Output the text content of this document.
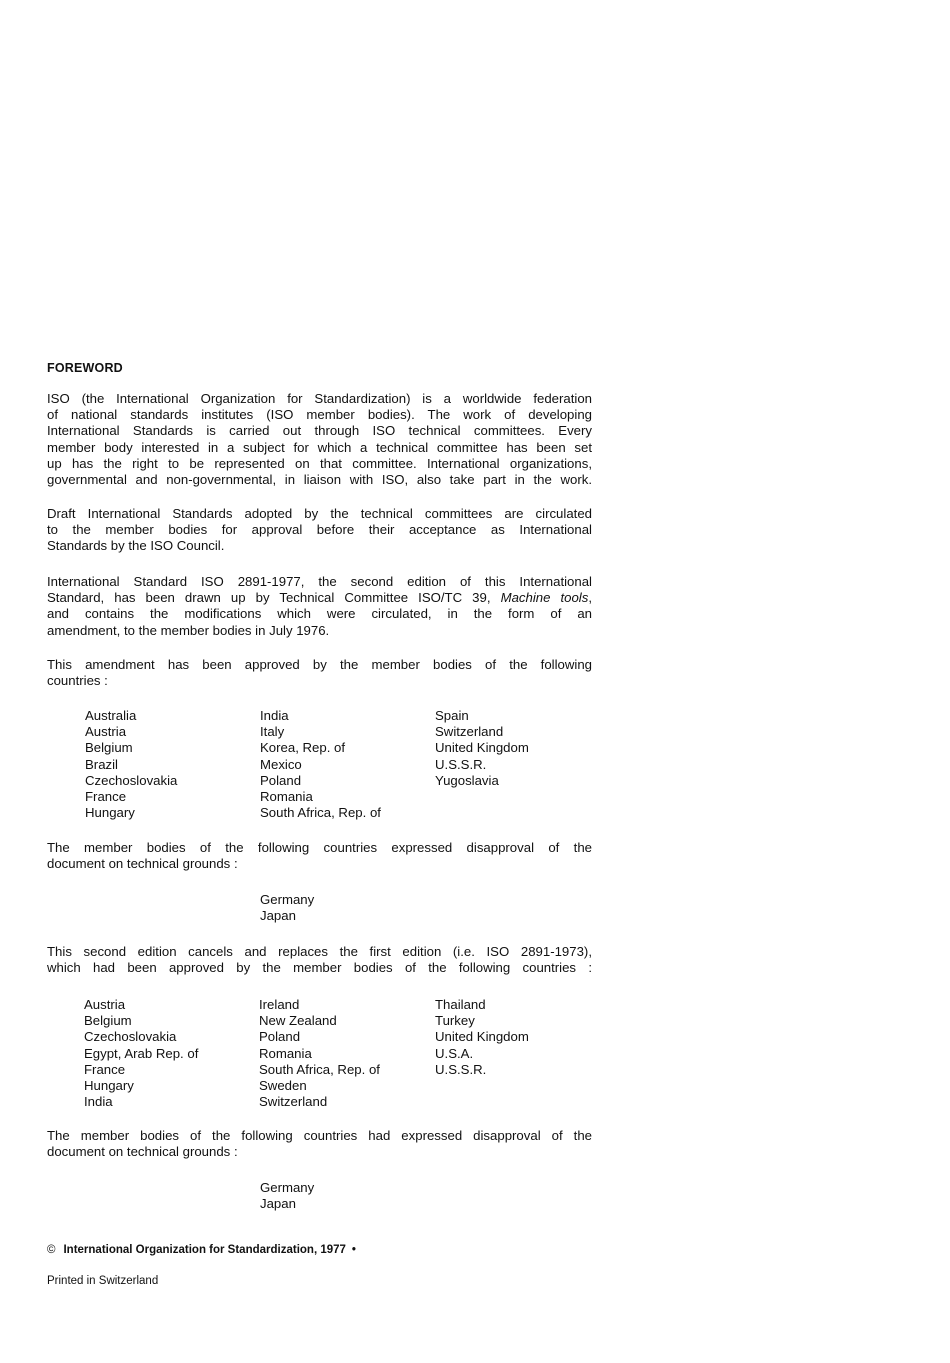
FOREWORD

ISO (the International Organization for Standardization) is a worldwide federation
of national standards institutes (ISO member bodies). The work of developing
International Standards is carried out through ISO technical committees. Every
member body interested in a subject for which a technical committee has been set
up has the right to be represented on that committee. International organizations,
governmental and non-governmental, in liaison with ISO, also take part in the work.

Draft International Standards adopted by the technical committees are circulated
to the member bodies for approval before their acceptance as International
Standards by the ISO Council.

International Standard ISO 2891-1977, the second edition of this International
Standard, has been drawn up by Technical Committee ISO/TC 39, Machine tools,
and contains the modifications which were circulated, in the form of an
amendment, to the member bodies in July 1976.

This amendment has been approved by the member bodies of the following
countries :

Australia
Austria
Belgium
Brazil
Czechoslovakia
France
Hungary
India
Italy
Korea, Rep. of
Mexico
Poland
Romania
South Africa, Rep. of
Spain
Switzerland
United Kingdom
U.S.S.R.
Yugoslavia

The member bodies of the following countries expressed disapproval of the
document on technical grounds :

Germany
Japan

This second edition cancels and replaces the first edition (i.e. ISO 2891-1973),
which had been approved by the member bodies of the following countries :

Austria
Belgium
Czechoslovakia
Egypt, Arab Rep. of
France
Hungary
India
Ireland
New Zealand
Poland
Romania
South Africa, Rep. of
Sweden
Switzerland
Thailand
Turkey
United Kingdom
U.S.A.
U.S.S.R.

The member bodies of the following countries had expressed disapproval of the
document on technical grounds :

Germany
Japan

© International Organization for Standardization, 1977 •

Printed in Switzerland
